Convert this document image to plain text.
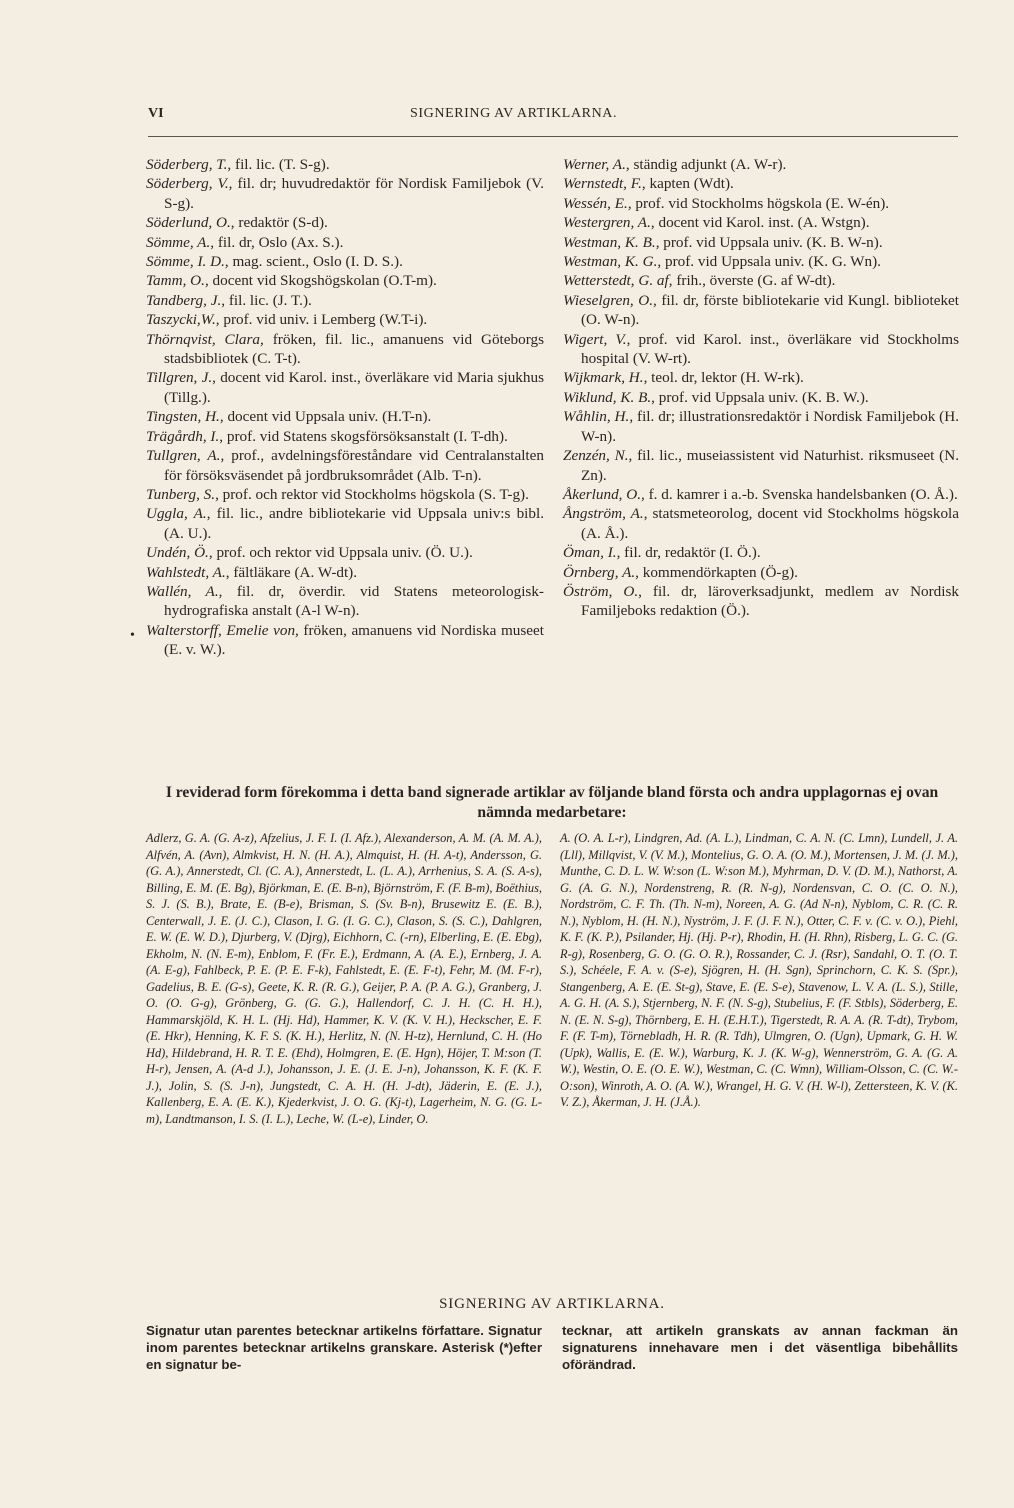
VI	SIGNERING AV ARTIKLARNA.
•
Söderberg, T., fil. lic. (T. S-g).
Söderberg, V., fil. dr; huvudredaktör för Nordisk Familjebok (V. S-g).
Söderlund, O., redaktör (S-d).
Sömme, A., fil. dr, Oslo (Ax. S.).
Sömme, I. D., mag. scient., Oslo (I. D. S.).
Tamm, O., docent vid Skogshögskolan (O.T-m).
Tandberg, J., fil. lic. (J. T.).
Taszycki,W., prof. vid univ. i Lemberg (W.T-i).
Thörnqvist, Clara, fröken, fil. lic., amanuens vid Göteborgs stadsbibliotek (C. T-t).
Tillgren, J., docent vid Karol. inst., överläkare vid Maria sjukhus (Tillg.).
Tingsten, H., docent vid Uppsala univ. (H.T-n).
Trägårdh, I., prof. vid Statens skogsförsöksanstalt (I. T-dh).
Tullgren, A., prof., avdelningsföreståndare vid Centralanstalten för försöksväsendet på jordbruksområdet (Alb. T-n).
Tunberg, S., prof. och rektor vid Stockholms högskola (S. T-g).
Uggla, A., fil. lic., andre bibliotekarie vid Uppsala univ:s bibl. (A. U.).
Undén, Ö., prof. och rektor vid Uppsala univ. (Ö. U.).
Wahlstedt, A., fältläkare (A. W-dt).
Wallén, A., fil. dr, överdir. vid Statens meteorologisk-hydrografiska anstalt (A-l W-n).
Walterstorff, Emelie von, fröken, amanuens vid Nordiska museet (E. v. W.).
Werner, A., ständig adjunkt (A. W-r).
Wernstedt, F., kapten (Wdt).
Wessén, E., prof. vid Stockholms högskola (E. W-én).
Westergren, A., docent vid Karol. inst. (A. Wstgn).
Westman, K. B., prof. vid Uppsala univ. (K. B. W-n).
Westman, K. G., prof. vid Uppsala univ. (K. G. Wn).
Wetterstedt, G. af, frih., överste (G. af W-dt).
Wieselgren, O., fil. dr, förste bibliotekarie vid Kungl. biblioteket (O. W-n).
Wigert, V., prof. vid Karol. inst., överläkare vid Stockholms hospital (V. W-rt).
Wijkmark, H., teol. dr, lektor (H. W-rk).
Wiklund, K. B., prof. vid Uppsala univ. (K. B. W.).
Wåhlin, H., fil. dr; illustrationsredaktör i Nordisk Familjebok (H. W-n).
Zenzén, N., fil. lic., museiassistent vid Naturhist. riksmuseet (N. Zn).
Åkerlund, O., f. d. kamrer i a.-b. Svenska handelsbanken (O. Å.).
Ångström, A., statsmeteorolog, docent vid Stockholms högskola (A. Å.).
Öman, I., fil. dr, redaktör (I. Ö.).
Örnberg, A., kommendörkapten (Ö-g).
Öström, O., fil. dr, läroverksadjunkt, medlem av Nordisk Familjeboks redaktion (Ö.).
I reviderad form förekomma i detta band signerade artiklar av följande bland första och andra upplagornas ej ovan nämnda medarbetare:
Adlerz, G. A. (G. A-z), Afzelius, J. F. I. (I. Afz.), Alexanderson, A. M. (A. M. A.), Alfvén, A. (Avn), Almkvist, H. N. (H. A.), Almquist, H. (H. A-t), Andersson, G. (G. A.), Annerstedt, Cl. (C. A.), Annerstedt, L. (L. A.), Arrhenius, S. A. (S. A-s), Billing, E. M. (E. Bg), Björkman, E. (E. B-n), Björnström, F. (F. B-m), Boëthius, S. J. (S. B.), Brate, E. (B-e), Brisman, S. (Sv. B-n), Brusewitz E. (E. B.), Centerwall, J. E. (J. C.), Clason, I. G. (I. G. C.), Clason, S. (S. C.), Dahlgren, E. W. (E. W. D.), Djurberg, V. (Djrg), Eichhorn, C. (-rn), Elberling, E. (E. Ebg), Ekholm, N. (N. E-m), Enblom, F. (Fr. E.), Erdmann, A. (A. E.), Ernberg, J. A. (A. E-g), Fahlbeck, P. E. (P. E. F-k), Fahlstedt, E. (E. F-t), Fehr, M. (M. F-r), Gadelius, B. E. (G-s), Geete, K. R. (R. G.), Geijer, P. A. (P. A. G.), Granberg, J. O. (O. G-g), Grönberg, G. (G. G.), Hallendorf, C. J. H. (C. H. H.), Hammarskjöld, K. H. L. (Hj. Hd), Hammer, K. V. (K. V. H.), Heckscher, E. F. (E. Hkr), Henning, K. F. S. (K. H.), Herlitz, N. (N. H-tz), Hernlund, C. H. (Ho Hd), Hildebrand, H. R. T. E. (Ehd), Holmgren, E. (E. Hgn), Höjer, T. M:son (T. H-r), Jensen, A. (A-d J.), Johansson, J. E. (J. E. J-n), Johansson, K. F. (K. F. J.), Jolin, S. (S. J-n), Jungstedt, C. A. H. (H. J-dt), Jäderin, E. (E. J.), Kallenberg, E. A. (E. K.), Kjederkvist, J. O. G. (Kj-t), Lagerheim, N. G. (G. L-m), Landtmanson, I. S. (I. L.), Leche, W. (L-e), Linder, O.
A. (O. A. L-r), Lindgren, Ad. (A. L.), Lindman, C. A. N. (C. Lmn), Lundell, J. A. (Lll), Millqvist, V. (V. M.), Montelius, G. O. A. (O. M.), Mortensen, J. M. (J. M.), Munthe, C. D. L. W. W:son (L. W:son M.), Myhrman, D. V. (D. M.), Nathorst, A. G. (A. G. N.), Nordenstreng, R. (R. N-g), Nordensvan, C. O. (C. O. N.), Nordström, C. F. Th. (Th. N-m), Noreen, A. G. (Ad N-n), Nyblom, C. R. (C. R. N.), Nyblom, H. (H. N.), Nyström, J. F. (J. F. N.), Otter, C. F. v. (C. v. O.), Piehl, K. F. (K. P.), Psilander, Hj. (Hj. P-r), Rhodin, H. (H. Rhn), Risberg, L. G. C. (G. R-g), Rosenberg, G. O. (G. O. R.), Rossander, C. J. (Rsr), Sandahl, O. T. (O. T. S.), Schéele, F. A. v. (S-e), Sjögren, H. (H. Sgn), Sprinchorn, C. K. S. (Spr.), Stangenberg, A. E. (E. St-g), Stave, E. (E. S-e), Stavenow, L. V. A. (L. S.), Stille, A. G. H. (A. S.), Stjernberg, N. F. (N. S-g), Stubelius, F. (F. Stbls), Söderberg, E. N. (E. N. S-g), Thörnberg, E. H. (E.H.T.), Tigerstedt, R. A. A. (R. T-dt), Trybom, F. (F. T-m), Törnebladh, H. R. (R. Tdh), Ulmgren, O. (Ugn), Upmark, G. H. W. (Upk), Wallis, E. (E. W.), Warburg, K. J. (K. W-g), Wennerström, G. A. (G. A. W.), Westin, O. E. (O. E. W.), Westman, C. (C. Wmn), William-Olsson, C. (C. W.-O:son), Winroth, A. O. (A. W.), Wrangel, H. G. V. (H. W-l), Zettersteen, K. V. (K. V. Z.), Åkerman, J. H. (J.Å.).
SIGNERING AV ARTIKLARNA.
Signatur utan parentes betecknar artikelns författare. Signatur inom parentes betecknar artikelns granskare. Asterisk (*)efter en signatur be-
tecknar, att artikeln granskats av annan fackman än signaturens innehavare men i det väsentliga bibehållits oförändrad.
